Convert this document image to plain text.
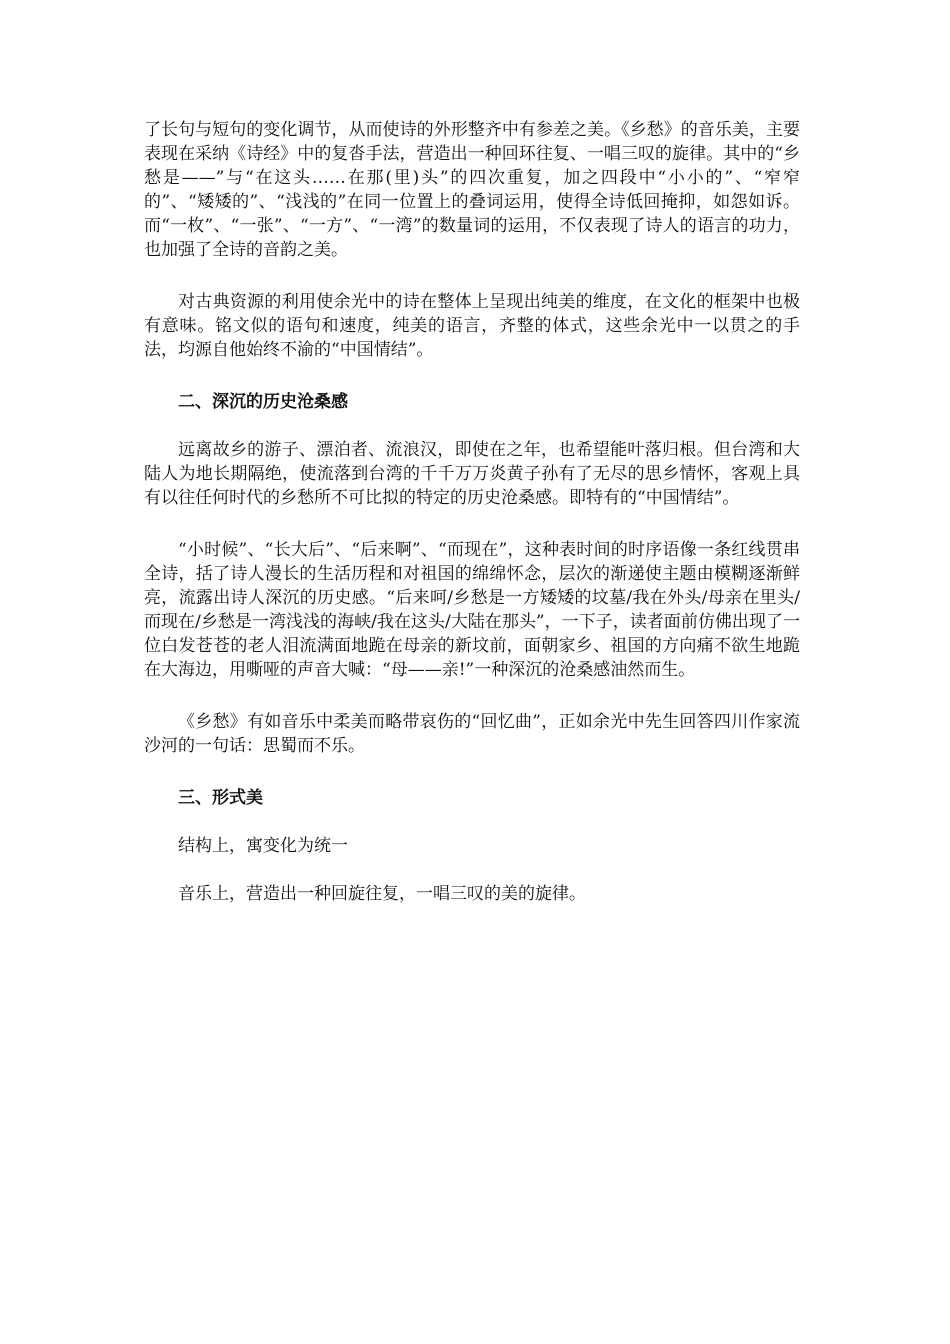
了长句与短句的变化调节，从而使诗的外形整齐中有参差之美。《乡愁》的音乐美，主要表现在采纳《诗经》中的复沓手法，营造出一种回环往复、一唱三叹的旋律。其中的“乡愁是——”与“在这头……在那(里)头”的四次重复，加之四段中“小小的”、“窄窄的”、“矮矮的”、“浅浅的”在同一位置上的叠词运用，使得全诗低回掩抑，如怨如诉。而“一枚”、“一张”、“一方”、“一湾”的数量词的运用，不仅表现了诗人的语言的功力，也加强了全诗的音韵之美。

对古典资源的利用使余光中的诗在整体上呈现出纯美的维度，在文化的框架中也极有意味。铭文似的语句和速度，纯美的语言，齐整的体式，这些余光中一以贯之的手法，均源自他始终不渝的“中国情结”。

二、深沉的历史沧桑感

远离故乡的游子、漂泊者、流浪汉，即使在之年，也希望能叶落归根。但台湾和大陆人为地长期隔绝，使流落到台湾的千千万万炎黄子孙有了无尽的思乡情怀，客观上具有以往任何时代的乡愁所不可比拟的特定的历史沧桑感。即特有的“中国情结”。

“小时候”、“长大后”、“后来啊”、“而现在”，这种表时间的时序语像一条红线贯串全诗，括了诗人漫长的生活历程和对祖国的绵绵怀念，层次的渐递使主题由模糊逐渐鲜亮，流露出诗人深沉的历史感。“后来呵/乡愁是一方矮矮的坟墓/我在外头/母亲在里头/而现在/乡愁是一湾浅浅的海峡/我在这头/大陆在那头”，一下子，读者面前仿佛出现了一位白发苍苍的老人泪流满面地跪在母亲的新坟前，面朝家乡、祖国的方向痛不欲生地跪在大海边，用嘶哑的声音大喊：“母——亲!”一种深沉的沧桑感油然而生。

《乡愁》有如音乐中柔美而略带哀伤的“回忆曲”，正如余光中先生回答四川作家流沙河的一句话：思蜀而不乐。

三、形式美
结构上，寓变化为统一
音乐上，营造出一种回旋往复，一唱三叹的美的旋律。
